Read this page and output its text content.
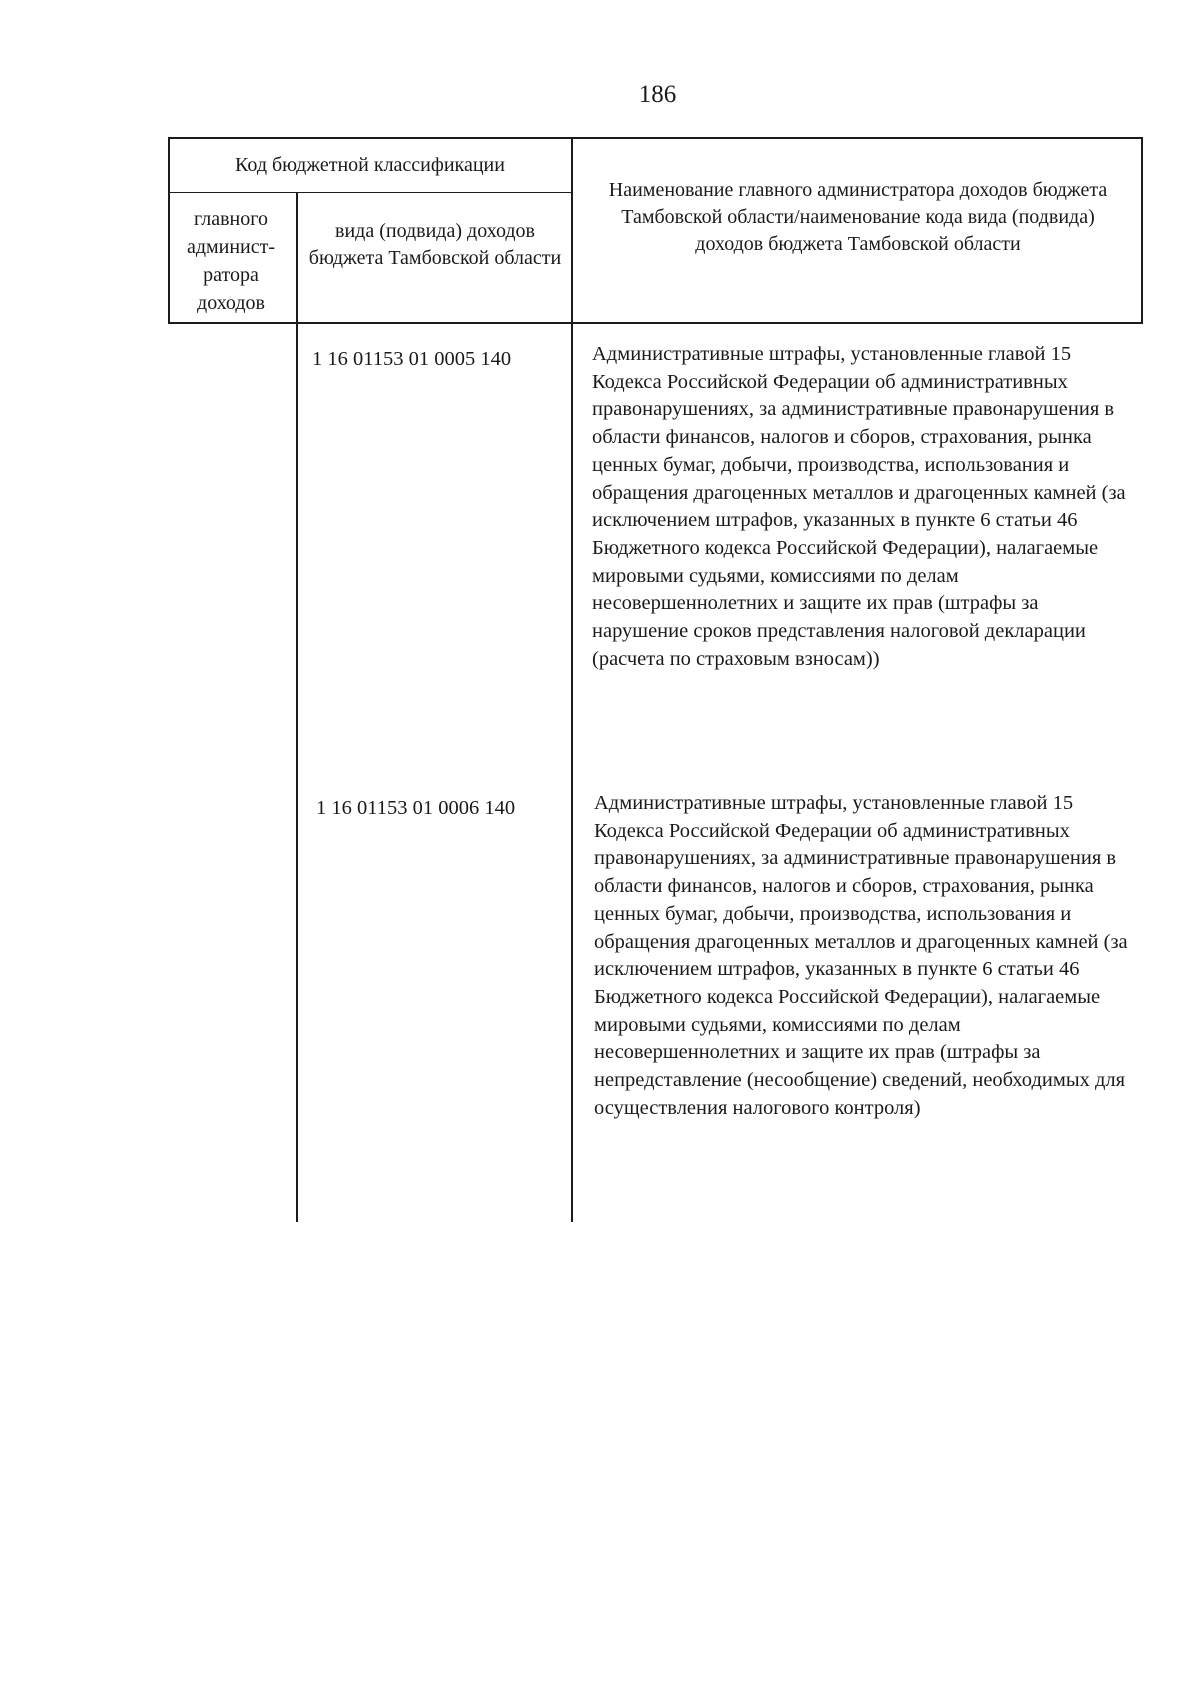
186
Код бюджетной классификации
главного админист-ратора доходов
вида (подвида) доходов бюджета Тамбовской области
Наименование главного администратора доходов бюджета Тамбовской области/наименование кода вида (подвида) доходов бюджета Тамбовской области
1 16 01153 01 0005 140	Административные штрафы, установленные главой 15 Кодекса Российской Федерации об административных правонарушениях, за административные правонарушения в области финансов, налогов и сборов, страхования, рынка ценных бумаг, добычи, производства, использования и обращения драгоценных металлов и драгоценных камней (за исключением штрафов, указанных в пункте 6 статьи 46 Бюджетного кодекса Российской Федерации), налагаемые мировыми судьями, комиссиями по делам несовершеннолетних и защите их прав (штрафы за нарушение сроков представления налоговой декларации (расчета по страховым взносам))
1 16 01153 01 0006 140	Административные штрафы, установленные главой 15 Кодекса Российской Федерации об административных правонарушениях, за административные правонарушения в области финансов, налогов и сборов, страхования, рынка ценных бумаг, добычи, производства, использования и обращения драгоценных металлов и драгоценных камней (за исключением штрафов, указанных в пункте 6 статьи 46 Бюджетного кодекса Российской Федерации), налагаемые мировыми судьями, комиссиями по делам несовершеннолетних и защите их прав (штрафы за непредставление (несообщение) сведений, необходимых для осуществления налогового контроля)
